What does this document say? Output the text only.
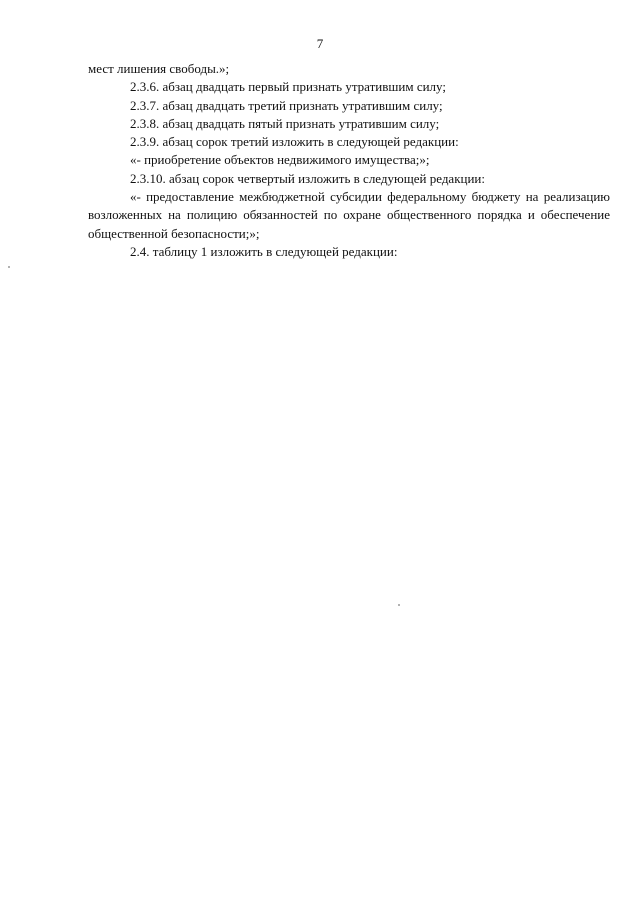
7

мест лишения свободы.»;

2.3.6. абзац двадцать первый признать утратившим силу;

2.3.7. абзац двадцать третий признать утратившим силу;

2.3.8. абзац двадцать пятый признать утратившим силу;

2.3.9. абзац сорок третий изложить в следующей редакции:

«- приобретение объектов недвижимого имущества;»;

2.3.10. абзац сорок четвертый изложить в следующей редакции:

«- предоставление межбюджетной субсидии федеральному бюджету на реализацию возложенных на полицию обязанностей по охране общественного порядка и обеспечение общественной безопасности;»;

2.4. таблицу 1 изложить в следующей редакции:
